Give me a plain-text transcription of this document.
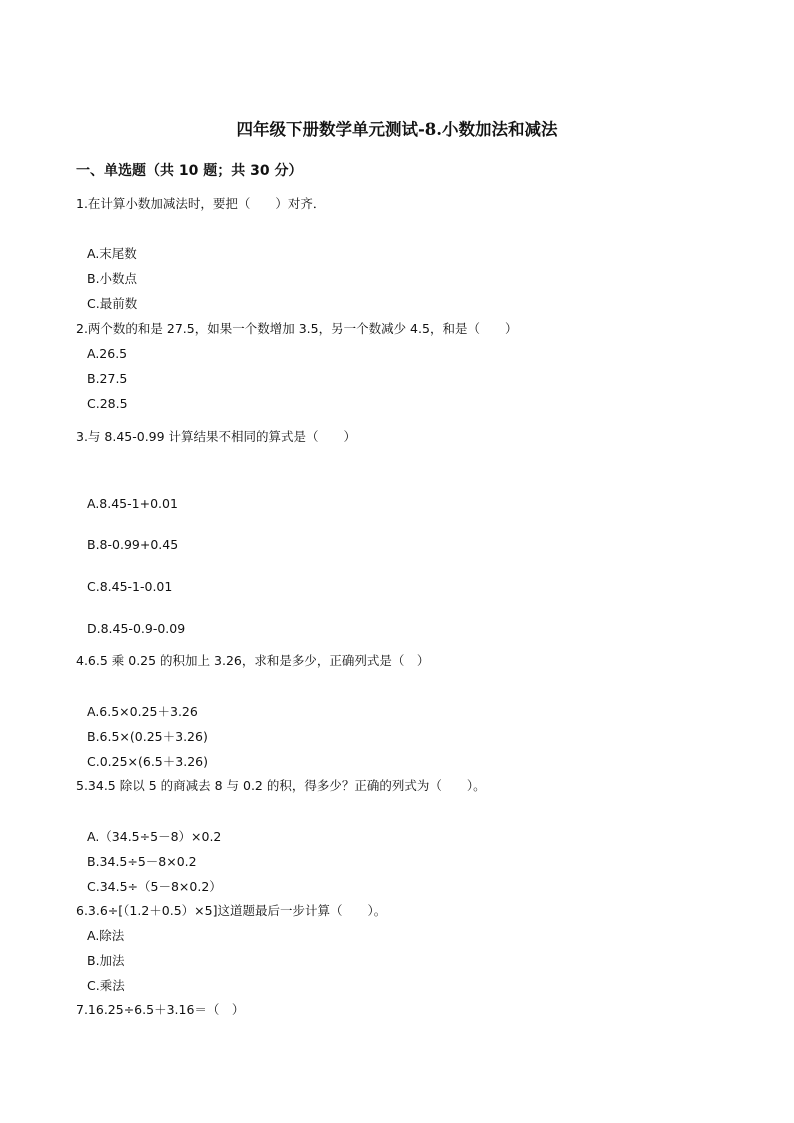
四年级下册数学单元测试-8.小数加法和减法
一、单选题（共 10 题；共 30 分）
1.在计算小数加减法时，要把（　　）对齐．
A.末尾数
B.小数点
C.最前数
2.两个数的和是 27.5，如果一个数增加 3.5，另一个数减少 4.5，和是（　　）
A.26.5
B.27.5
C.28.5
3.与 8.45-0.99 计算结果不相同的算式是（　　）
A.8.45-1+0.01
B.8-0.99+0.45
C.8.45-1-0.01
D.8.45-0.9-0.09
4.6.5 乘 0.25 的积加上 3.26，求和是多少，正确列式是（　）
A.6.5×0.25＋3.26
B.6.5×(0.25＋3.26)
C.0.25×(6.5＋3.26)
5.34.5 除以 5 的商减去 8 与 0.2 的积，得多少？正确的列式为（　　）。
A.（34.5÷5－8）×0.2
B.34.5÷5－8×0.2
C.34.5÷（5－8×0.2）
6.3.6÷[（1.2＋0.5）×5]这道题最后一步计算（　　）。
A.除法
B.加法
C.乘法
7.16.25÷6.5＋3.16＝（　）
